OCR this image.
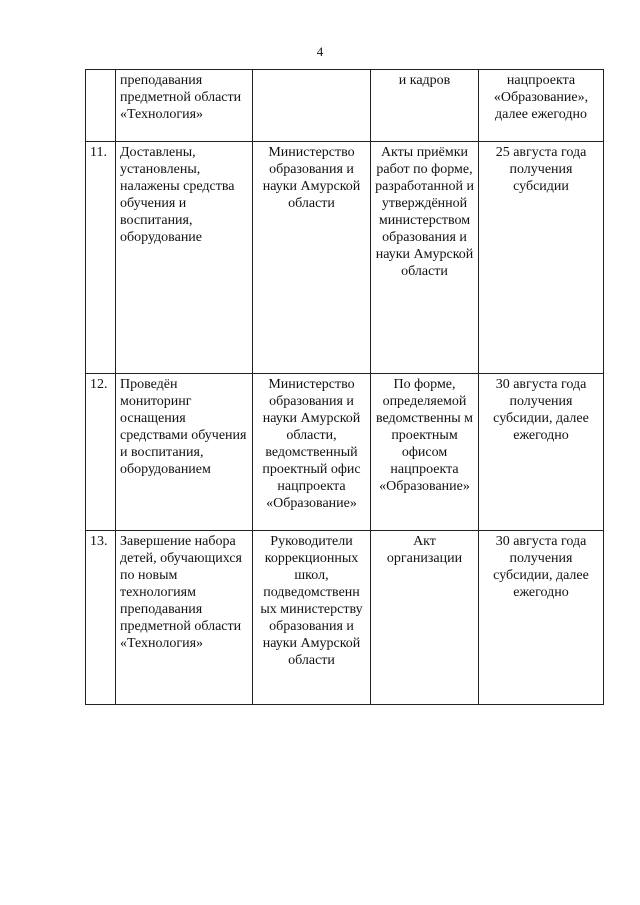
4
	преподавания предметной области «Технология»		и кадров	нацпроекта «Образование», далее ежегодно
11.	Доставлены, установлены, налажены средства обучения и воспитания, оборудование	Министерство образования и науки Амурской области	Акты приёмки работ по форме, разработанной и утверждённой министерством образования и науки Амурской области	25 августа года получения субсидии
12.	Проведён мониторинг оснащения средствами обучения и воспитания, оборудованием	Министерство образования и науки Амурской области, ведомственный проектный офис нацпроекта «Образование»	По форме, определяемой ведомственны м проектным офисом нацпроекта «Образование»	30 августа года получения субсидии, далее ежегодно
13.	Завершение набора детей, обучающихся по новым технологиям преподавания предметной области «Технология»	Руководители коррекционных школ, подведомственн ых министерству образования и науки Амурской области	Акт организации	30 августа года получения субсидии, далее ежегодно
